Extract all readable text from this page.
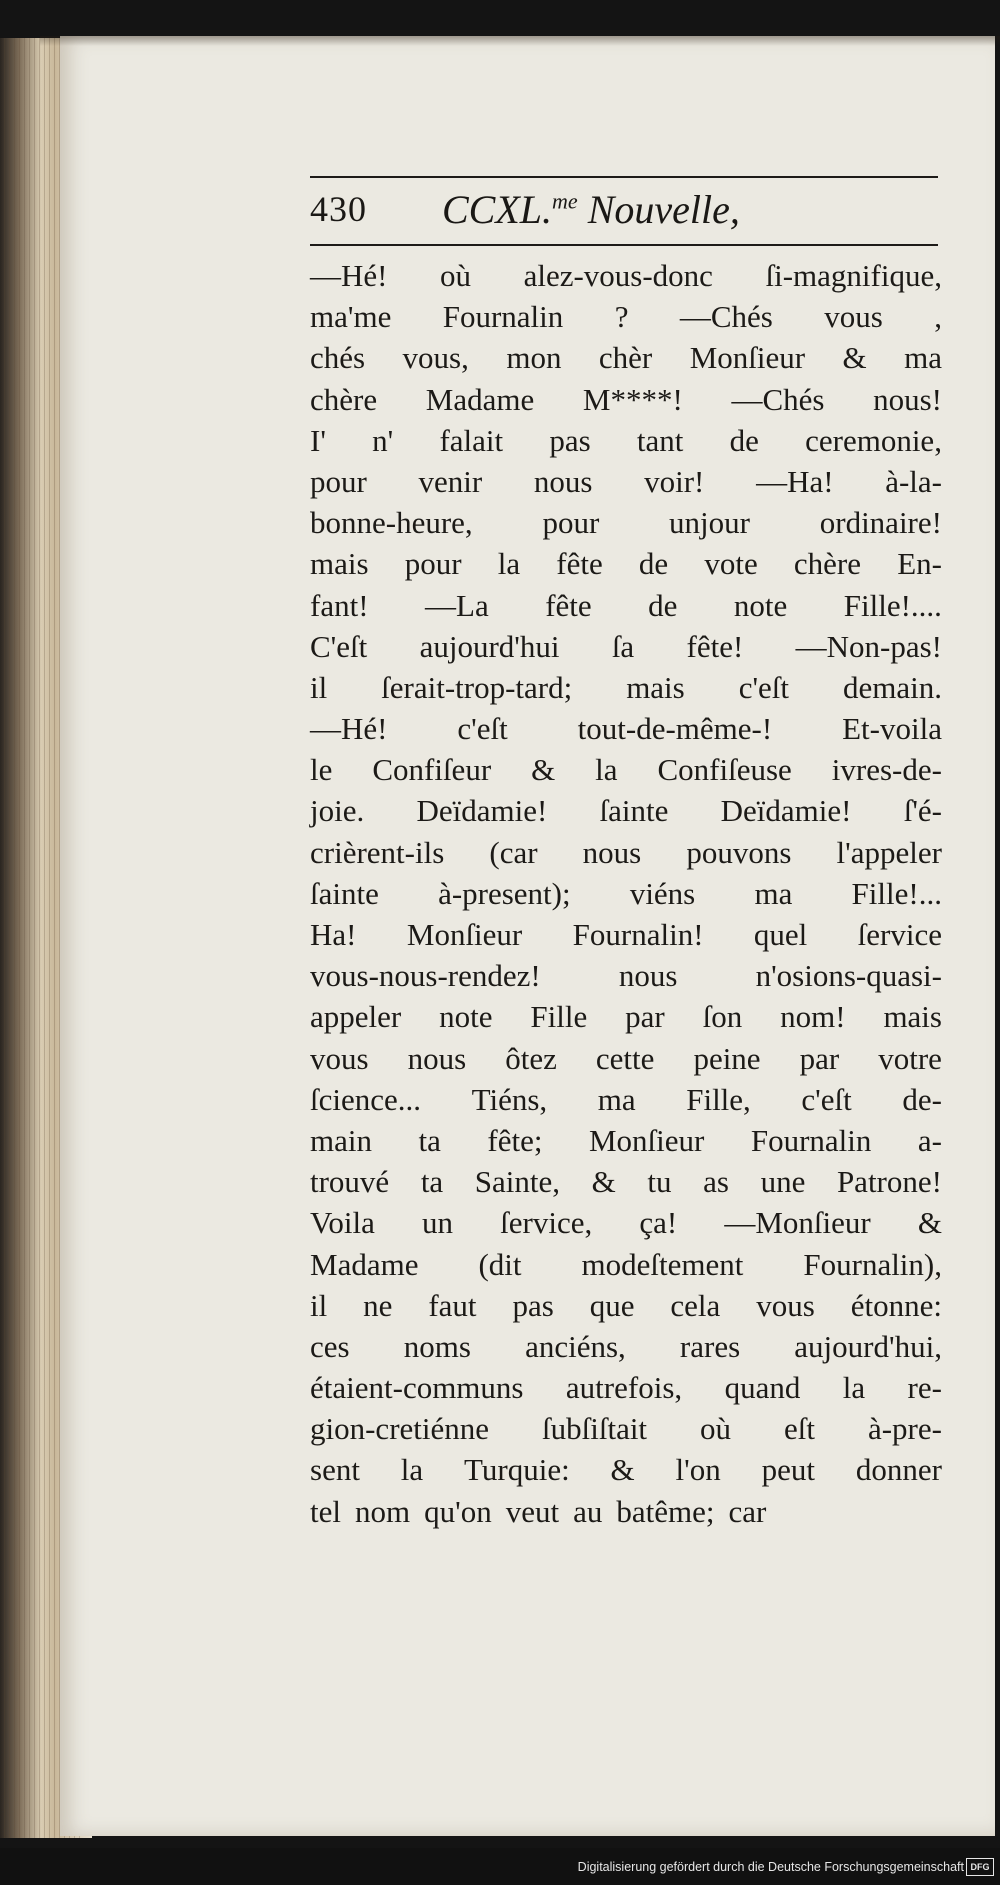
430 CCXL.$^{me}$ Nouvelle,
—Hé! où alez-vous-donc ſi-magnifique,
ma'me Fournalin ? —Chés vous ,
chés vous, mon chèr Monſieur & ma
chère Madame M****! —Chés nous!
I' n' falait pas tant de ceremonie,
pour venir nous voir! —Ha! à-la-
bonne-heure, pour unjour ordinaire!
mais pour la fête de vote chère En-
fant! —La fête de note Fille!....
C'eſt aujourd'hui ſa fête! —Non-pas!
il ſerait-trop-tard; mais c'eſt demain.
—Hé! c'eſt tout-de-même-! Et-voila
le Confiſeur & la Confiſeuse ivres-de-
joie. Deïdamie! ſainte Deïdamie! ſ'é-
crièrent-ils (car nous pouvons l'appeler
ſainte à-present); viéns ma Fille!...
Ha! Monſieur Fournalin! quel ſervice
vous-nous-rendez!	nous	n'osions-quasi-
appeler note Fille par ſon nom! mais
vous nous ôtez cette peine par votre
ſcience... Tiéns, ma Fille, c'eſt de-
main ta fête; Monſieur Fournalin a-
trouvé ta Sainte, & tu as une Patrone!
Voila un ſervice, ça! —Monſieur &
Madame (dit modeſtement Fournalin),
il ne faut pas que cela vous étonne:
ces noms anciéns, rares aujourd'hui,
étaient-communs autrefois, quand la re-
gion-cretiénne ſubſiſtait où eſt à-pre-
sent la Turquie: & l'on peut donner
tel nom qu'on veut au batême; car
Digitalisierung gefördert durch die Deutsche Forschungsgemeinschaft DFG
